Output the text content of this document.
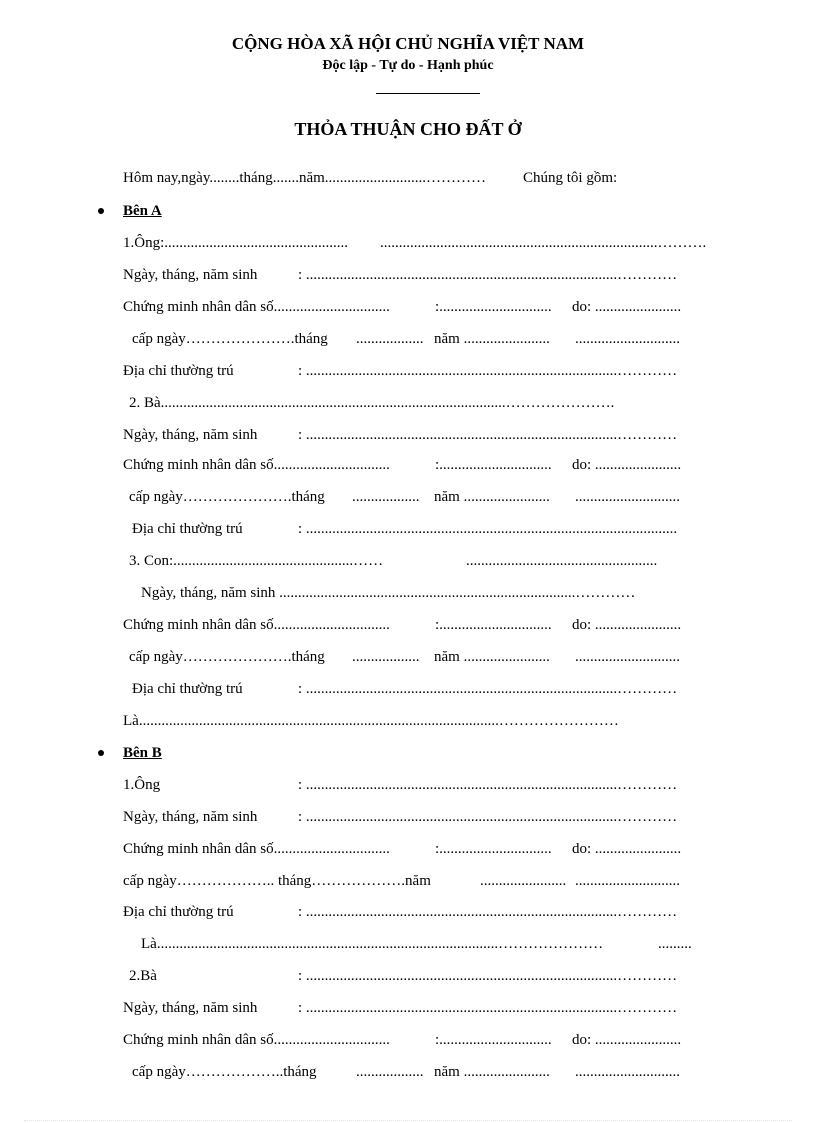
CỘNG HÒA XÃ HỘI CHỦ NGHĨA VIỆT NAM
Độc lập - Tự do - Hạnh phúc
THỎA THUẬN CHO ĐẤT Ở
Hôm nay,ngày........tháng.......năm...........................………… Chúng tôi gồm:
Bên A
1.Ông:................................................. ..........................................................................……….
Ngày, tháng, năm sinh	: ...................................................................................…………
Chứng minh nhân dân số...............................	:.............................. do: .......................
cấp ngày………………….tháng .................. năm ....................... ............................
Địa chỉ thường trú	: ...................................................................................…………
2. Bà............................................................................................………………….
Ngày, tháng, năm sinh	: ...................................................................................…………
Chứng minh nhân dân số...............................	:.............................. do: .......................
cấp ngày………………….tháng .................. năm ....................... ............................
Địa chỉ thường trú	: ...................................................................................................
3. Con:................................................……	...................................................
Ngày, tháng, năm sinh ...............................................................................…………
Chứng minh nhân dân số...............................	:.............................. do: .......................
cấp ngày………………….tháng .................. năm ....................... ............................
Địa chỉ thường trú	: ...................................................................................…………
Là................................................................................................……………………
Bên B
1.Ông	: ...................................................................................…………
Ngày, tháng, năm sinh	: ...................................................................................…………
Chứng minh nhân dân số...............................	:.............................. do: .......................
cấp ngày……………….. tháng……………….năm	....................... ............................
Địa chỉ thường trú	: ...................................................................................…………
Là...........................................................................................…………………	.........
2.Bà	: ...................................................................................…………
Ngày, tháng, năm sinh	: ...................................................................................…………
Chứng minh nhân dân số...............................	:.............................. do: .......................
cấp ngày………………..tháng	.................. năm ....................... ............................
